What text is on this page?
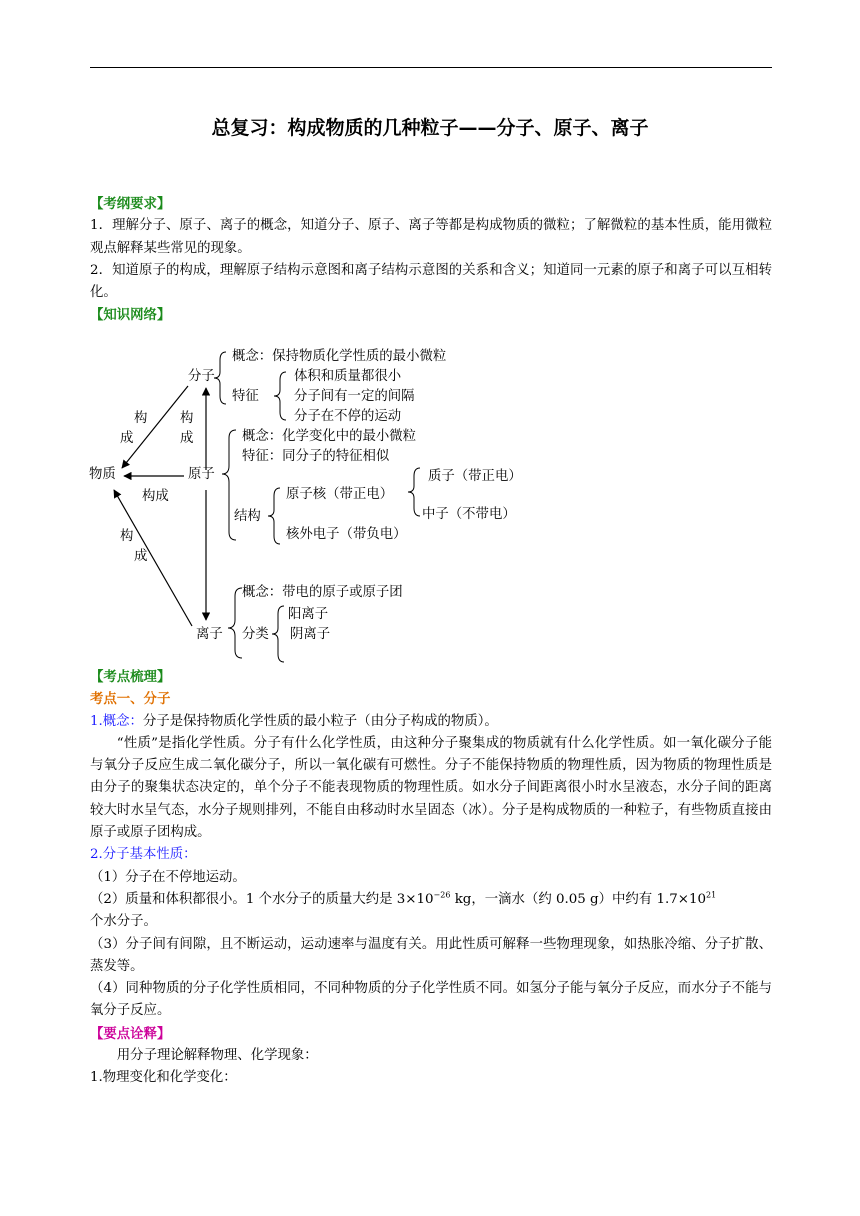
总复习：构成物质的几种粒子——分子、原子、离子

【考纲要求】

1．理解分子、原子、离子的概念，知道分子、原子、离子等都是构成物质的微粒；了解微粒的基本性质，能用微粒观点解释某些常见的现象。

2．知道原子的构成，理解原子结构示意图和离子结构示意图的关系和含义；知道同一元素的原子和离子可以互相转化。

【知识网络】

物质
分子
原子
离子
构
成
构
成
构成
构
成
概念：保持物质化学性质的最小微粒
特征
体积和质量都很小
分子间有一定的间隔
分子在不停的运动
概念：化学变化中的最小微粒
特征：同分子的特征相似
结构
原子核（带正电）
质子（带正电）
中子（不带电）
核外电子（带负电）
概念：带电的原子或原子团
分类
阳离子
阴离子

【考点梳理】

考点一、分子

1.概念：分子是保持物质化学性质的最小粒子（由分子构成的物质）。

“性质”是指化学性质。分子有什么化学性质，由这种分子聚集成的物质就有什么化学性质。如一氧化碳分子能与氧分子反应生成二氧化碳分子，所以一氧化碳有可燃性。分子不能保持物质的物理性质，因为物质的物理性质是由分子的聚集状态决定的，单个分子不能表现物质的物理性质。如水分子间距离很小时水呈液态，水分子间的距离较大时水呈气态，水分子规则排列，不能自由移动时水呈固态（冰）。分子是构成物质的一种粒子，有些物质直接由原子或原子团构成。

2.分子基本性质：

（1）分子在不停地运动。

（2）质量和体积都很小。1 个水分子的质量大约是 $3\times 10^{-26}$ kg，一滴水（约 0.05 g）中约有 $1.7\times 10^{21}$
个水分子。

（3）分子间有间隙，且不断运动，运动速率与温度有关。用此性质可解释一些物理现象，如热胀冷缩、分子扩散、蒸发等。

（4）同种物质的分子化学性质相同，不同种物质的分子化学性质不同。如氢分子能与氧分子反应，而水分子不能与氧分子反应。

【要点诠释】

用分子理论解释物理、化学现象：

1.物理变化和化学变化：
